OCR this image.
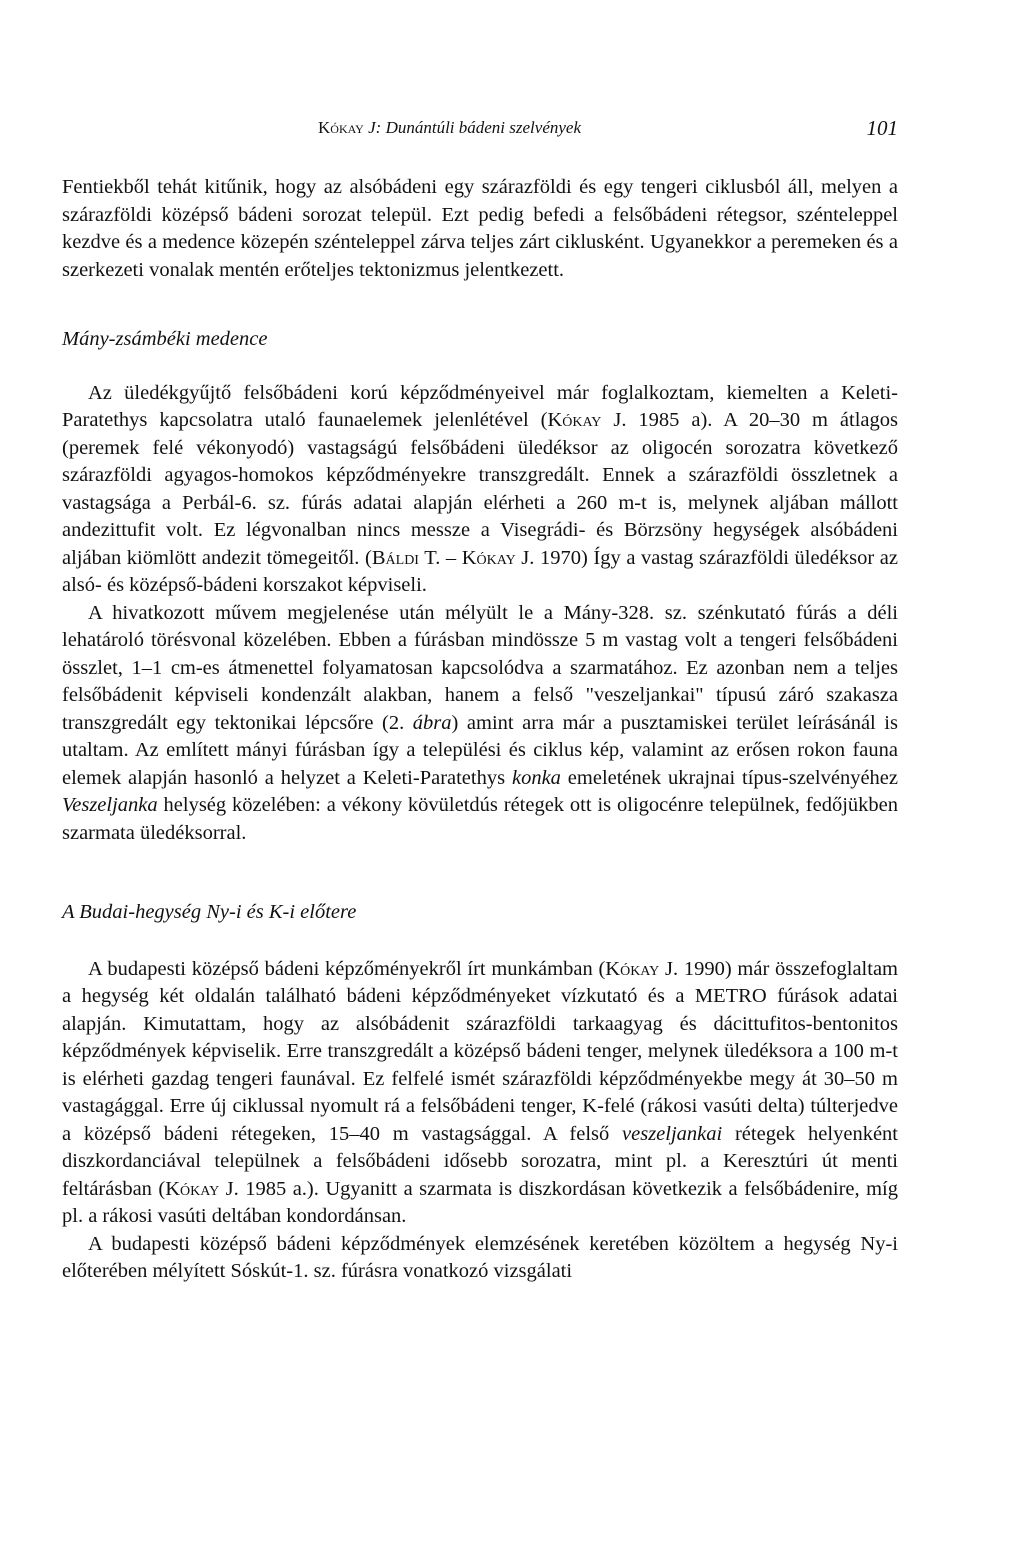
Kókay J: Dunántúli bádeni szelvények	101

Fentiekből tehát kitűnik, hogy az alsóbádeni egy szárazföldi és egy tengeri ciklusból áll, melyen a szárazföldi középső bádeni sorozat települ. Ezt pedig befedi a felsőbádeni rétegsor, szénteleppel kezdve és a medence közepén szénteleppel zárva teljes zárt ciklusként. Ugyanekkor a peremeken és a szerkezeti vonalak mentén erőteljes tektonizmus jelentkezett.

Mány-zsámbéki medence

Az üledékgyűjtő felsőbádeni korú képződményeivel már foglalkoztam, kiemelten a Keleti-Paratethys kapcsolatra utaló faunaelemek jelenlétével (Kókay J. 1985 a). A 20–30 m átlagos (peremek felé vékonyodó) vastagságú felsőbádeni üledéksor az oligocén sorozatra következő szárazföldi agyagos-homokos képződményekre transzgredált. Ennek a szárazföldi összletnek a vastagsága a Perbál-6. sz. fúrás adatai alapján elérheti a 260 m-t is, melynek aljában mállott andezittufit volt. Ez légvonalban nincs messze a Visegrádi- és Börzsöny hegységek alsóbádeni aljában kiömlött andezit tömegeitől. (Báldi T. – Kókay J. 1970) Így a vastag szárazföldi üledéksor az alsó- és középső-bádeni korszakot képviseli.

A hivatkozott művem megjelenése után mélyült le a Mány-328. sz. szénkutató fúrás a déli lehatároló törésvonal közelében. Ebben a fúrásban mindössze 5 m vastag volt a tengeri felsőbádeni összlet, 1–1 cm-es átmenettel folyamatosan kapcsolódva a szarmatához. Ez azonban nem a teljes felsőbádenit képviseli kondenzált alakban, hanem a felső "veszeljankai" típusú záró szakasza transzgredált egy tektonikai lépcsőre (2. ábra) amint arra már a pusztamiskei terület leírásánál is utaltam. Az említett mányi fúrásban így a települési és ciklus kép, valamint az erősen rokon fauna elemek alapján hasonló a helyzet a Keleti-Paratethys konka emeletének ukrajnai típus-szelvényéhez Veszeljanka helység közelében: a vékony kövületdús rétegek ott is oligocénre települnek, fedőjükben szarmata üledéksorral.

A Budai-hegység Ny-i és K-i előtere

A budapesti középső bádeni képzőményekről írt munkámban (Kókay J. 1990) már összefoglaltam a hegység két oldalán található bádeni képződményeket vízkutató és a METRO fúrások adatai alapján. Kimutattam, hogy az alsóbádenit szárazföldi tarkaagyag és dácittufitos-bentonitos képződmények képviselik. Erre transzgredált a középső bádeni tenger, melynek üledéksora a 100 m-t is elérheti gazdag tengeri faunával. Ez felfelé ismét szárazföldi képződményekbe megy át 30–50 m vastagággal. Erre új ciklussal nyomult rá a felsőbádeni tenger, K-felé (rákosi vasúti delta) túlterjedve a középső bádeni rétegeken, 15–40 m vastagsággal. A felső veszeljankai rétegek helyenként diszkordanciával települnek a felsőbádeni idősebb sorozatra, mint pl. a Keresztúri út menti feltárásban (Kókay J. 1985 a.). Ugyanitt a szarmata is diszkordásan következik a felsőbádenire, míg pl. a rákosi vasúti deltában kondordánsan.

A budapesti középső bádeni képződmények elemzésének keretében közöltem a hegység Ny-i előterében mélyített Sóskút-1. sz. fúrásra vonatkozó vizsgálati
